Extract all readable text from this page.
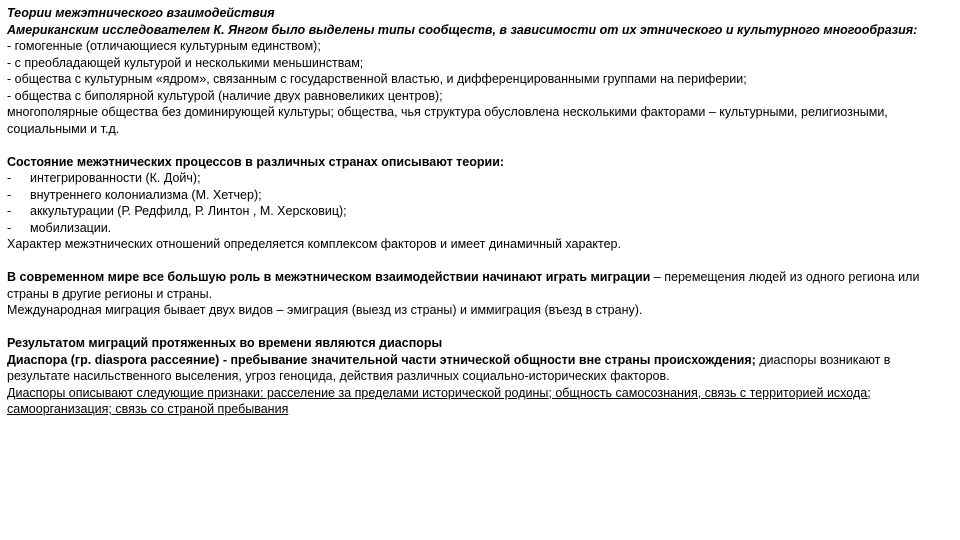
Теории межэтнического взаимодействия
Американским исследователем К. Янгом было выделены типы сообществ, в зависимости от их этнического и культурного многообразия:
- гомогенные (отличающиеся культурным единством);
- с преобладающей культурой и несколькими меньшинствам;
- общества с культурным «ядром», связанным с государственной властью, и дифференцированными группами на периферии;
- общества с биполярной культурой (наличие двух равновеликих центров);
многополярные общества без доминирующей культуры; общества, чья структура обусловлена несколькими факторами – культурными, религиозными, социальными и т.д.
Состояние межэтнических процессов в различных странах описывают теории:
- интегрированности (К. Дойч);
- внутреннего колониализма (М. Хетчер);
- аккультурации (Р. Редфилд, Р. Линтон , М. Херсковиц);
- мобилизации.
Характер межэтнических отношений определяется комплексом факторов и имеет динамичный характер.
В современном мире все большую роль в межэтническом взаимодействии начинают играть миграции – перемещения людей из одного региона или страны в другие регионы и страны.
Международная миграция бывает двух видов – эмиграция (выезд из страны) и иммиграция (въезд в страну).
Результатом миграций протяженных во времени являются диаспоры
Диаспора (гр. diaspora рассеяние) - пребывание значительной части этнической общности вне страны происхождения; диаспоры возникают в результате насильственного выселения, угроз геноцида, действия различных социально-исторических факторов.
Диаспоры описывают следующие признаки: расселение за пределами исторической родины; общность самосознания, связь с территорией исхода; самоорганизация; связь со страной пребывания
